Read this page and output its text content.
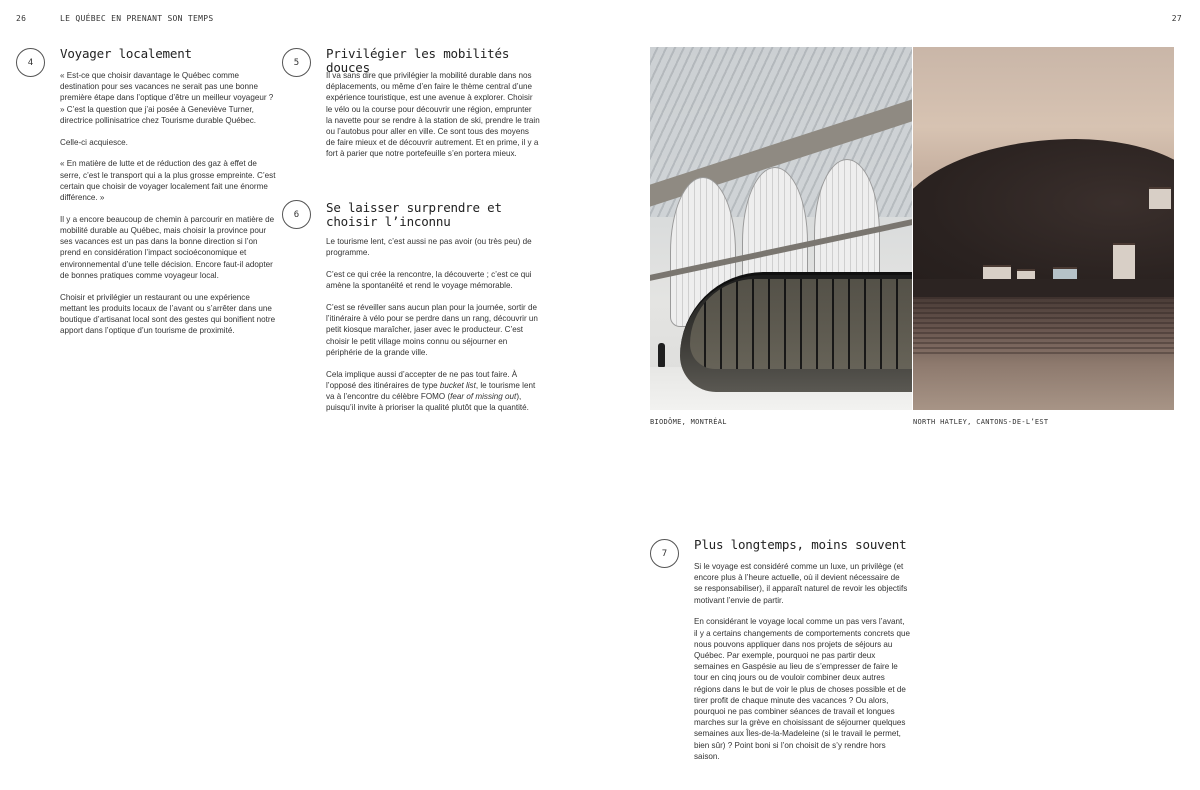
26	LE QUÉBEC EN PRENANT SON TEMPS	27
4
Voyager localement

« Est-ce que choisir davantage le Québec comme destination pour ses vacances ne serait pas une bonne première étape dans l’optique d’être un meilleur voyageur ? » C’est la question que j’ai posée à Geneviève Turner, directrice pollinisatrice chez Tourisme durable Québec.

Celle-ci acquiesce.

« En matière de lutte et de réduction des gaz à effet de serre, c’est le transport qui a la plus grosse empreinte. C’est certain que choisir de voyager localement fait une énorme différence. »

Il y a encore beaucoup de chemin à parcourir en matière de mobilité durable au Québec, mais choisir la province pour ses vacances est un pas dans la bonne direction si l’on prend en considération l’impact socioéconomique et environnemental d’une telle décision. Encore faut-il adopter de bonnes pratiques comme voyageur local.

Choisir et privilégier un restaurant ou une expérience mettant les produits locaux de l’avant ou s’arrêter dans une boutique d’artisanat local sont des gestes qui bonifient notre apport dans l’optique d’un tourisme de proximité.

5
Privilégier les mobilités douces

Il va sans dire que privilégier la mobilité durable dans nos déplacements, ou même d’en faire le thème central d’une expérience touristique, est une avenue à explorer. Choisir le vélo ou la course pour découvrir une région, emprunter la navette pour se rendre à la station de ski, prendre le train ou l’autobus pour aller en ville. Ce sont tous des moyens de faire mieux et de découvrir autrement. Et en prime, il y a fort à parier que notre portefeuille s’en portera mieux.

6	Se laisser surprendre et choisir l’inconnu

Le tourisme lent, c’est aussi ne pas avoir (ou très peu) de programme.

C’est ce qui crée la rencontre, la découverte ; c’est ce qui amène la spontanéité et rend le voyage mémorable.

C’est se réveiller sans aucun plan pour la journée, sortir de l’itinéraire à vélo pour se perdre dans un rang, découvrir un petit kiosque maraîcher, jaser avec le producteur. C’est choisir le petit village moins connu ou séjourner en périphérie de la grande ville.

Cela implique aussi d’accepter de ne pas tout faire. À l’opposé des itinéraires de type bucket list, le tourisme lent va à l’encontre du célèbre FOMO (fear of missing out), puisqu’il invite à prioriser la qualité plutôt que la quantité.

BIODÔME, MONTRÉAL	NORTH HATLEY, CANTONS-DE-L’EST
7
Plus longtemps, moins souvent

Si le voyage est considéré comme un luxe, un privilège (et encore plus à l’heure actuelle, où il devient nécessaire de se responsabiliser), il apparaît naturel de revoir les objectifs motivant l’envie de partir.

En considérant le voyage local comme un pas vers l’avant, il y a certains changements de comportements concrets que nous pouvons appliquer dans nos projets de séjours au Québec. Par exemple, pourquoi ne pas partir deux semaines en Gaspésie au lieu de s’empresser de faire le tour en cinq jours ou de vouloir combiner deux autres régions dans le but de voir le plus de choses possible et de tirer profit de chaque minute des vacances ? Ou alors, pourquoi ne pas combiner séances de travail et longues marches sur la grève en choisissant de séjourner quelques semaines aux Îles-de-la-Madeleine (si le travail le permet, bien sûr) ? Point boni si l’on choisit de s’y rendre hors saison.
